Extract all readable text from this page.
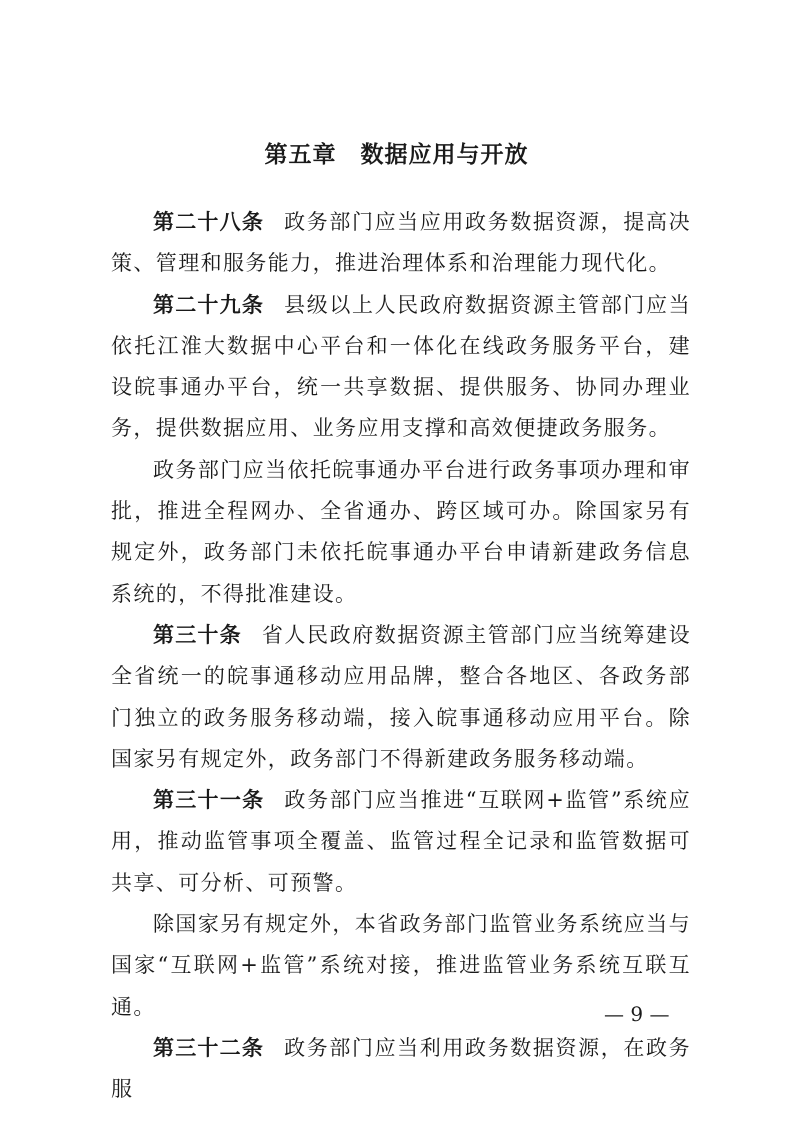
第五章　数据应用与开放

第二十八条 政务部门应当应用政务数据资源，提高决策、管理和服务能力，推进治理体系和治理能力现代化。

第二十九条 县级以上人民政府数据资源主管部门应当依托江淮大数据中心平台和一体化在线政务服务平台，建设皖事通办平台，统一共享数据、提供服务、协同办理业务，提供数据应用、业务应用支撑和高效便捷政务服务。

政务部门应当依托皖事通办平台进行政务事项办理和审批，推进全程网办、全省通办、跨区域可办。除国家另有规定外，政务部门未依托皖事通办平台申请新建政务信息系统的，不得批准建设。

第三十条 省人民政府数据资源主管部门应当统筹建设全省统一的皖事通移动应用品牌，整合各地区、各政务部门独立的政务服务移动端，接入皖事通移动应用平台。除国家另有规定外，政务部门不得新建政务服务移动端。

第三十一条 政务部门应当推进“互联网+监管”系统应用，推动监管事项全覆盖、监管过程全记录和监管数据可共享、可分析、可预警。

除国家另有规定外，本省政务部门监管业务系统应当与国家“互联网+监管”系统对接，推进监管业务系统互联互通。

第三十二条 政务部门应当利用政务数据资源，在政务服

— 9 —
